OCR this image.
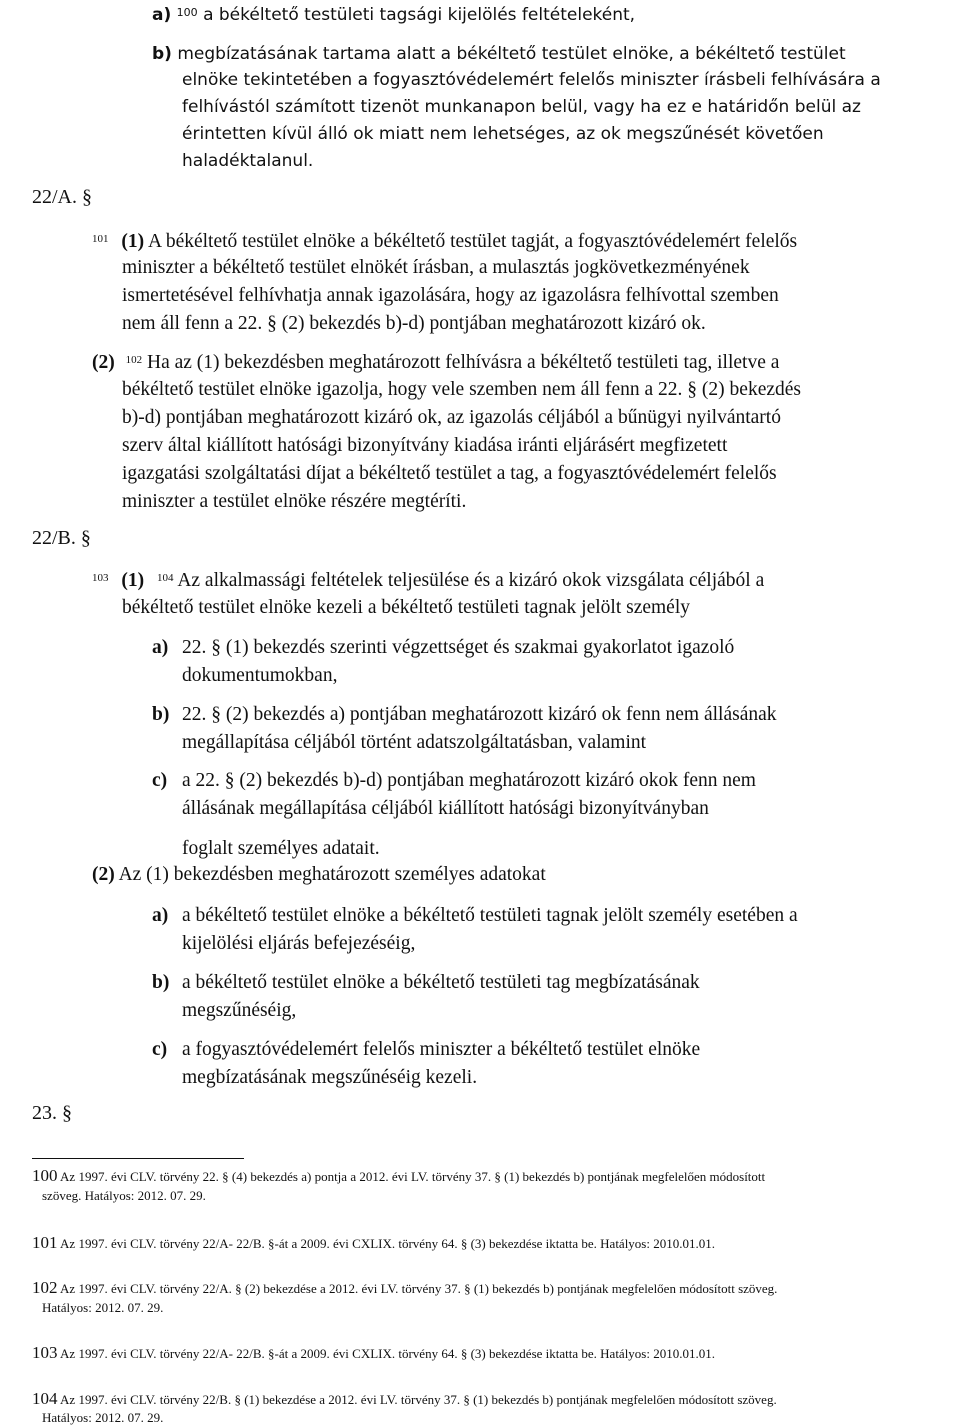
a) $^{100}$ a békéltető testületi tagsági kijelölés feltételeként,
b) megbízatásának tartama alatt a békéltető testület elnöke, a békéltető testület
elnöke tekintetében a fogyasztóvédelemért felelős miniszter írásbeli felhívására a
felhívástól számított tizenöt munkanapon belül, vagy ha ez e határidőn belül az
érintetten kívül álló ok miatt nem lehetséges, az ok megszűnését követően
haladéktalanul.
22/A. §
$^{101}$ (1) A békéltető testület elnöke a békéltető testület tagját, a fogyasztóvédelemért felelős
miniszter a békéltető testület elnökét írásban, a mulasztás jogkövetkezményének
ismertetésével felhívhatja annak igazolására, hogy az igazolásra felhívottal szemben
nem áll fenn a 22. § (2) bekezdés b)-d) pontjában meghatározott kizáró ok.
(2) $^{102}$ Ha az (1) bekezdésben meghatározott felhívásra a békéltető testületi tag, illetve a
békéltető testület elnöke igazolja, hogy vele szemben nem áll fenn a 22. § (2) bekezdés
b)-d) pontjában meghatározott kizáró ok, az igazolás céljából a bűnügyi nyilvántartó
szerv által kiállított hatósági bizonyítvány kiadása iránti eljárásért megfizetett
igazgatási szolgáltatási díjat a békéltető testület a tag, a fogyasztóvédelemért felelős
miniszter a testület elnöke részére megtéríti.
22/B. §
$^{103}$ (1) $^{104}$ Az alkalmassági feltételek teljesülése és a kizáró okok vizsgálata céljából a
békéltető testület elnöke kezeli a békéltető testületi tagnak jelölt személy
a) 22. § (1) bekezdés szerinti végzettséget és szakmai gyakorlatot igazoló
dokumentumokban,
b) 22. § (2) bekezdés a) pontjában meghatározott kizáró ok fenn nem állásának
megállapítása céljából történt adatszolgáltatásban, valamint
c) a 22. § (2) bekezdés b)-d) pontjában meghatározott kizáró okok fenn nem
állásának megállapítása céljából kiállított hatósági bizonyítványban
foglalt személyes adatait.
(2) Az (1) bekezdésben meghatározott személyes adatokat
a) a békéltető testület elnöke a békéltető testületi tagnak jelölt személy esetében a
kijelölési eljárás befejezéséig,
b) a békéltető testület elnöke a békéltető testületi tag megbízatásának
megszűnéséig,
c) a fogyasztóvédelemért felelős miniszter a békéltető testület elnöke
megbízatásának megszűnéséig kezeli.
23. §
100 Az 1997. évi CLV. törvény 22. § (4) bekezdés a) pontja a 2012. évi LV. törvény 37. § (1) bekezdés b) pontjának megfelelően módosított
szöveg. Hatályos: 2012. 07. 29.
101 Az 1997. évi CLV. törvény 22/A- 22/B. §-át a 2009. évi CXLIX. törvény 64. § (3) bekezdése iktatta be. Hatályos: 2010.01.01.
102 Az 1997. évi CLV. törvény 22/A. § (2) bekezdése a 2012. évi LV. törvény 37. § (1) bekezdés b) pontjának megfelelően módosított szöveg.
Hatályos: 2012. 07. 29.
103 Az 1997. évi CLV. törvény 22/A- 22/B. §-át a 2009. évi CXLIX. törvény 64. § (3) bekezdése iktatta be. Hatályos: 2010.01.01.
104 Az 1997. évi CLV. törvény 22/B. § (1) bekezdése a 2012. évi LV. törvény 37. § (1) bekezdés b) pontjának megfelelően módosított szöveg.
Hatályos: 2012. 07. 29.
